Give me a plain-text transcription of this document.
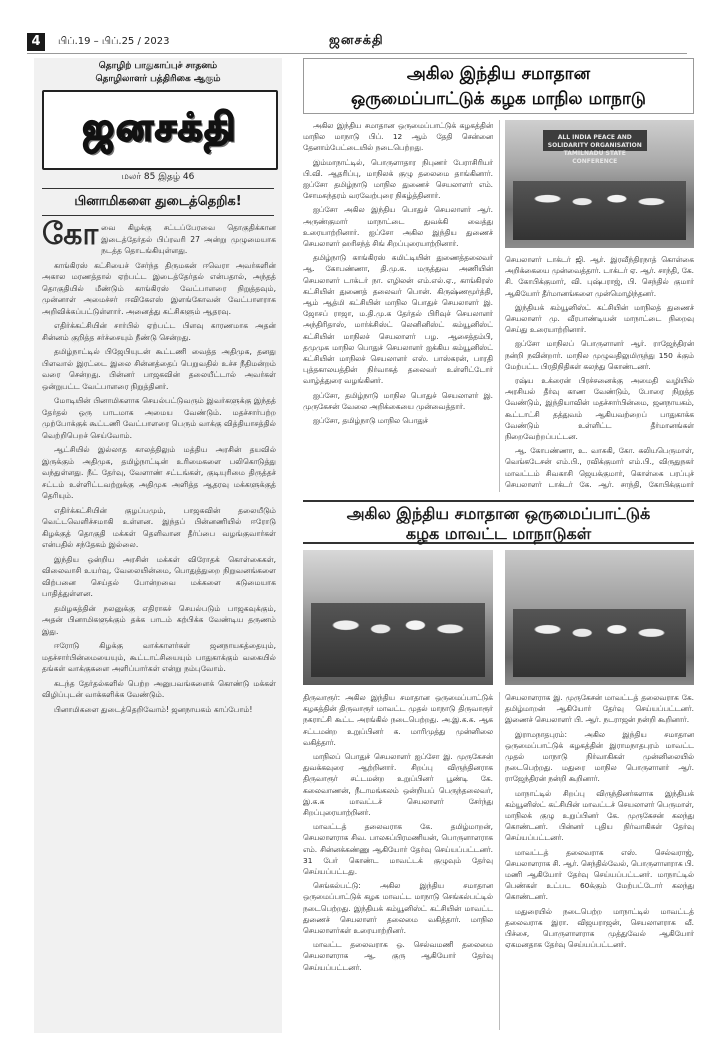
4	பிப்.19 – பிப்.25 / 2023	ஜனசக்தி
தொழிற் பாதுகாப்புச் சாதனம்
தொழிலாளர் பத்திரிகை ஆகும்
ஜனசக்தி
மலர் 85 இதழ் 46
பினாமிகளை துடைத்தெறிக!

கோவை கிழக்கு சட்டப்பேரவை தொகுதிக்கான இடைத்தேர்தல் பிப்ரவரி 27 அன்று முழுமையாக நடத்த தொடங்கியுள்ளது.

காங்கிரஸ் கட்சியைச் சேர்ந்த திருமகன் ஈவெரா அவர்களின் அகால மரணத்தால் ஏற்பட்ட இடைத்தேர்தல் என்பதால், அந்தத் தொகுதியில் மீண்டும் காங்கிரஸ் வேட்பாளரை நிறுத்தவும், முன்னாள் அமைச்சர் ஈவிகேஎஸ் இளங்கோவன் வேட்பாளராக அறிவிக்கப்பட்டுள்ளார். அனைத்து கட்சிகளும் ஆதரவு.

எதிர்க்கட்சியின் சார்பில் ஏற்பட்ட பிளவு காரணமாக அதன் சின்னம் குறித்த சர்ச்சையும் நீண்டு சென்றது.

தமிழ்நாட்டில் பிஜேபியுடன் கூட்டணி வைத்த அதிமுக, தனது பிளவால் இரட்டை இலை சின்னத்தைப் பெறுவதில் உச்ச நீதிமன்றம் வரை சென்றது. பின்னர் பாஜகவின் தலையீட்டால் அவர்கள் ஒன்றுபட்ட வேட்பாளரை நிறுத்தினர்.

மோடியின் பினாமிகளாக செயல்பட்டுவரும் இவர்களுக்கு இந்தத் தேர்தல் ஒரு பாடமாக அமைய வேண்டும். மதச்சார்பற்ற முற்போக்குக் கூட்டணி வேட்பாளரை பெரும் வாக்கு வித்தியாசத்தில் வெற்றிபெறச் செய்வோம்.

ஆட்சியில் இல்லாத காலத்திலும் மத்திய அரசின் தயவில் இருக்கும் அதிமுக, தமிழ்நாட்டின் உரிமைகளை பலிகொடுத்து வந்துள்ளது. நீட் தேர்வு, வேளாண் சட்டங்கள், குடியுரிமை திருத்தச் சட்டம் உள்ளிட்டவற்றுக்கு அதிமுக அளித்த ஆதரவு மக்களுக்குத் தெரியும்.

எதிர்க்கட்சியின் குழப்பமும், பாஜகவின் தலையீடும் வெட்டவெளிச்சமாகி உள்ளன. இந்தப் பின்னணியில் ஈரோடு கிழக்குத் தொகுதி மக்கள் தெளிவான தீர்ப்பை வழங்குவார்கள் என்பதில் சந்தேகம் இல்லை.

இந்திய ஒன்றிய அரசின் மக்கள் விரோதக் கொள்கைகள், விலைவாசி உயர்வு, வேலையின்மை, பொதுத்துறை நிறுவனங்களை விற்பனை செய்தல் போன்றவை மக்களை கடுமையாக பாதித்துள்ளன.

தமிழகத்தின் நலனுக்கு எதிராகச் செயல்படும் பாஜகவுக்கும், அதன் பினாமிகளுக்கும் தக்க பாடம் கற்பிக்க வேண்டிய தருணம் இது.

ஈரோடு கிழக்கு வாக்காளர்கள் ஜனநாயகத்தையும், மதச்சார்பின்மையையும், கூட்டாட்சியையும் பாதுகாக்கும் வகையில் தங்கள் வாக்குகளை அளிப்பார்கள் என்று நம்புவோம்.

கடந்த தேர்தல்களில் பெற்ற அனுபவங்களைக் கொண்டு மக்கள் விழிப்புடன் வாக்களிக்க வேண்டும்.

பினாமிகளை துடைத்தெறிவோம்! ஜனநாயகம் காப்போம்!

அகில இந்திய சமாதான
ஒருமைப்பாட்டுக் கழக மாநில மாநாடு

அகில இந்திய சமாதான ஒருமைப்பாட்டுக் கழகத்தின் மாநில மாநாடு பிப். 12 ஆம் தேதி சென்னை தேனாம்பேட்டையில் நடைபெற்றது.

இம்மாநாட்டில், பொருளாதார நிபுணர் பேராசிரியர் பி.வி. ஆதரிப்பு, மாநிலக் குழு தலைமை தாங்கினார். ஐப்சோ தமிழ்நாடு மாநில துணைச் செயலாளர் எம். சோமசுந்தரம் வரவேற்புரை நிகழ்த்தினார்.

ஐப்சோ அகில இந்திய பொதுச் செயலாளர் ஆர். அருண்குமார் மாநாட்டை துவக்கி வைத்து உரையாற்றினார். ஐப்சோ அகில இந்திய துணைச் செயலாளர் ஹரிசந்த் சிங் சிறப்புரையாற்றினார்.

தமிழ்நாடு காங்கிரஸ் கமிட்டியின் துணைத்தலைவர் ஆ. கோபண்ணா, தி.மு.க. மருத்துவ அணியின் செயலாளர் டாக்டர் நா. எழிலன் எம்.எல்.ஏ., காங்கிரஸ் கட்சியின் துணைத் தலைவர் பொன். கிருஷ்ணமூர்த்தி, ஆம் ஆத்மி கட்சியின் மாநில பொதுச் செயலாளர் இ. ஜோசப் ராஜா, ம.தி.மு.க தேர்தல் பிரிவுச் செயலாளர் அந்திரிதாஸ், மார்க்சிஸ்ட் லெனினிஸ்ட் கம்யூனிஸ்ட் கட்சியின் மாநிலச் செயலாளர் பழ. ஆசைத்தம்பி, தமுமுக மாநில பொதுச் செயலாளர் ஐக்கிய கம்யூனிஸ்ட் கட்சியின் மாநிலச் செயலாளர் எஸ். பாஸ்கரன், பாரதி புத்தகாலயத்தின் நிர்வாகத் தலைவர் உள்ளிட்டோர் வாழ்த்துரை வழங்கினர்.

ஐப்சோ, தமிழ்நாடு மாநில பொதுச் செயலாளர் இ. முருகேசன் வேலை அறிக்கையை முன்வைத்தார்.

ஐப்சோ, தமிழ்நாடு மாநில பொதுச்

ALL INDIA PEACE AND SOLIDARITY ORGANISATION
TAMILNADU STATE CONFERENCE

செயலாளர் டாக்டர் ஜி. ஆர். இரவீந்திரநாத் கொள்கை அறிக்கையை முன்வைத்தார். டாக்டர் ஏ. ஆர். சாந்தி, கே. சி. கோபிக்குமார், வி. புஷ்பராஜ், பி. செந்தில் குமார் ஆகியோர் தீர்மானங்களை முன்மொழிந்தனர்.

இந்தியக் கம்யூனிஸ்ட் கட்சியின் மாநிலத் துணைச் செயலாளர் மு. வீரபாண்டியன் மாநாட்டை நிறைவு செய்து உரையாற்றினார்.

ஐப்சோ மாநிலப் பொருளாளர் ஆர். ராஜேந்திரன் நன்றி நவின்றார். மாநில முழுவதிலுமிருந்து 150 க்கும் மேற்பட்ட பிரதிநிதிகள் கலந்து கொண்டனர்.

ரஷ்ய உக்ரைன் பிரச்சனைக்கு அமைதி வழியில் அரசியல் தீர்வு காண வேண்டும், போரை நிறுத்த வேண்டும், இந்தியாவின் மதச்சார்பின்மை, ஜனநாயகம், கூட்டாட்சி தத்துவம் ஆகியவற்றைப் பாதுகாக்க வேண்டும் உள்ளிட்ட தீர்மானங்கள் நிறைவேற்றப்பட்டன.

ஆ. கோபண்ணா, உ. வாசுகி, கோ. கலியபெருமாள், வெங்கடேசன் எம்.பி., ரவிக்குமார் எம்.பி., விருதுநகர் மாவட்டம் சிவகாசி ஜெயக்குமார், கொள்கை பரப்புச் செயலாளர் டாக்டர் கே. ஆர். சாந்தி, கோபிக்குமார்

அகில இந்திய சமாதான ஒருமைப்பாட்டுக்
கழக மாவட்ட மாநாடுகள்

திருவாரூர்: அகில இந்திய சமாதான ஒருமைப்பாட்டுக் கழகத்தின் திருவாரூர் மாவட்ட முதல் மாநாடு திருவாரூர் நகராட்சி கூட்ட அரங்கில் நடைபெற்றது. அ.இ.க.க. ஆக சட்டமன்ற உறுப்பினர் க. மாரிமுத்து முன்னிலை வகித்தார்.

மாநிலப் பொதுச் செயலாளர் ஐப்சோ இ. முருகேசன் துவக்கவுரை ஆற்றினார். சிறப்பு விருந்தினராக திருவாரூர் சட்டமன்ற உறுப்பினர் பூண்டி கே. கலைவாணன், நீடாமங்கலம் ஒன்றியப் பெருந்தலைவர், இ.க.க மாவட்டச் செயலாளர் சேர்ந்து சிறப்புரையாற்றினர்.

மாவட்டத் தலைவராக கே. தமிழ்மாறன், செயலாளராக சிவ. பாலசுப்பிரமணியன், பொருளாளராக எம். சின்னக்கண்ணு ஆகியோர் தேர்வு செய்யப்பட்டனர். 31 பேர் கொண்ட மாவட்டக் குழுவும் தேர்வு செய்யப்பட்டது.

செங்கல்பட்டு: அகில இந்திய சமாதான ஒருமைப்பாட்டுக் கழக மாவட்ட மாநாடு செங்கல்பட்டில் நடைபெற்றது. இந்தியக் கம்யூனிஸ்ட் கட்சியின் மாவட்ட துணைச் செயலாளர் தலைமை வகித்தார். மாநில செயலாளர்கள் உரையாற்றினர்.

மாவட்ட தலைவராக ஒ. செல்வமணி தலைமை செயலாளராக ஆ. குரு ஆகியோர் தேர்வு செய்யப்பட்டனர்.

செயலாளராக இ. முருகேசன் மாவட்டத் தலைவராக கே. தமிழ்மாறன் ஆகியோர் தேர்வு செய்யப்பட்டனர். இணைச் செயலாளர் பி. ஆர். நடராஜன் நன்றி கூறினார்.

இராமநாதபுரம்: அகில இந்திய சமாதான ஒருமைப்பாட்டுக் கழகத்தின் இராமநாதபுரம் மாவட்ட முதல் மாநாடு நிர்வாகிகள் முன்னிலையில் நடைபெற்றது. மதுரை மாநில பொருளாளர் ஆர். ராஜேந்திரன் நன்றி கூறினார்.

மாநாட்டில் சிறப்பு விருந்தினர்களாக இந்தியக் கம்யூனிஸ்ட் கட்சியின் மாவட்டச் செயலாளர் பெருமாள், மாநிலக் குழு உறுப்பினர் கே. முருகேசன் கலந்து கொண்டனர். பின்னர் புதிய நிர்வாகிகள் தேர்வு செய்யப்பட்டனர்.

மாவட்டத் தலைவராக எஸ். செல்வராஜ், செயலாளராக சி. ஆர். செந்தில்வேல், பொருளாளராக பி. மணி ஆகியோர் தேர்வு செய்யப்பட்டனர். மாநாட்டில் பெண்கள் உட்பட 60க்கும் மேற்பட்டோர் கலந்து கொண்டனர்.

மதுரையில் நடைபெற்ற மாநாட்டில் மாவட்டத் தலைவராக இரா. விஜயராஜன், செயலாளராக வீ. பிச்சை, பொருளாளராக முத்துவேல் ஆகியோர் ஏகமனதாக தேர்வு செய்யப்பட்டனர்.
